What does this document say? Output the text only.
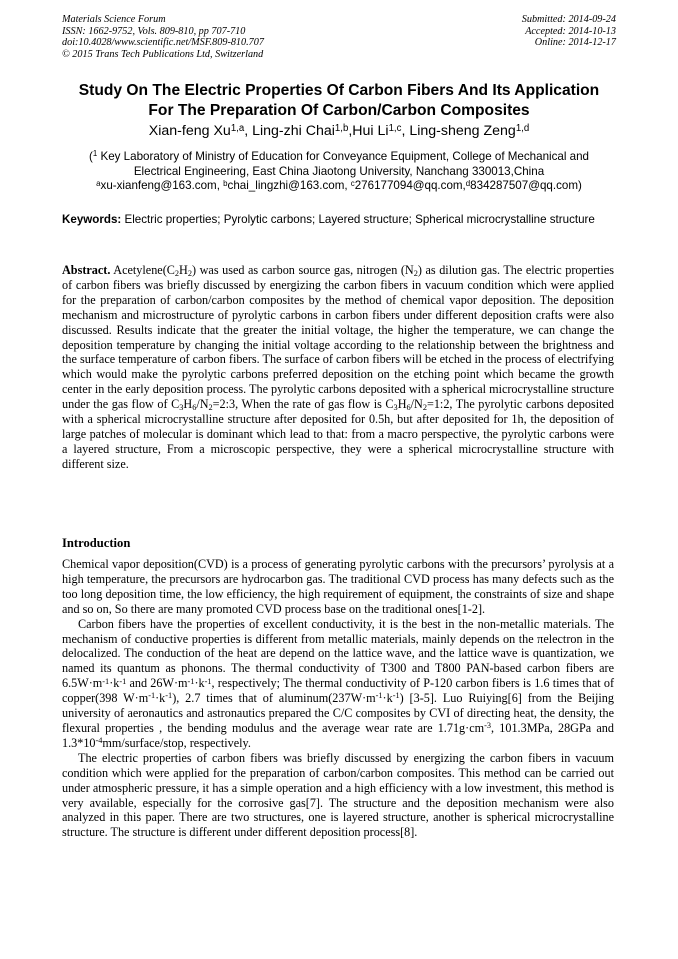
Materials Science Forum
ISSN: 1662-9752, Vols. 809-810, pp 707-710
doi:10.4028/www.scientific.net/MSF.809-810.707
© 2015 Trans Tech Publications Ltd, Switzerland
Submitted: 2014-09-24
Accepted: 2014-10-13
Online: 2014-12-17
Study On The Electric Properties Of Carbon Fibers And Its Application
For The Preparation Of Carbon/Carbon Composites
Xian-feng Xu$^{1,a}$, Ling-zhi Chai$^{1,b}$,Hui Li$^{1,c}$, Ling-sheng Zeng$^{1,d}$
($^1$ Key Laboratory of Ministry of Education for Conveyance Equipment, College of Mechanical and
Electrical Engineering, East China Jiaotong University, Nanchang 330013,China
$^a$xu-xianfeng@163.com, $^b$chai_lingzhi@163.com, $^c$276177094@qq.com,$^d$834287507@qq.com)
Keywords: Electric properties; Pyrolytic carbons; Layered structure; Spherical microcrystalline structure
Abstract. $Acetylene(C_2H_2)$ was used as carbon source gas, nitrogen $(N_2)$ as dilution gas. The electric properties of carbon fibers was briefly discussed by energizing the carbon fibers in vacuum condition which were applied for the preparation of carbon/carbon composites by the method of chemical vapor deposition. The deposition mechanism and microstructure of pyrolytic carbons in carbon fibers under different deposition crafts were also discussed. Results indicate that the greater the initial voltage, the higher the temperature, we can change the deposition temperature by changing the initial voltage according to the relationship between the brightness and the surface temperature of carbon fibers. The surface of carbon fibers will be etched in the process of electrifying which would make the pyrolytic carbons preferred deposition on the etching point which became the growth center in the early deposition process. The pyrolytic carbons deposited with a spherical microcrystalline structure under the gas flow of $C_3H_6/N_2=2:3$, When the rate of gas flow is $C_3H_6/N_2=1:2$, The pyrolytic carbons deposited with a spherical microcrystalline structure after deposited for 0.5h, but after deposited for 1h, the deposition of large patches of molecular is dominant which lead to that: from a macro perspective, the pyrolytic carbons were a layered structure, From a microscopic perspective, they were a spherical microcrystalline structure with different size.
Introduction

Chemical vapor deposition(CVD) is a process of generating pyrolytic carbons with the precursors’ pyrolysis at a high temperature, the precursors are hydrocarbon gas. The traditional CVD process has many defects such as the too long deposition time, the low efficiency, the high requirement of equipment, the constraints of size and shape and so on, So there are many promoted CVD process base on the traditional ones[1-2].

Carbon fibers have the properties of excellent conductivity, it is the best in the non-metallic materials. The mechanism of conductive properties is different from metallic materials, mainly depends on the πelectron in the delocalized. The conduction of the heat are depend on the lattice wave, and the lattice wave is quantization, we named its quantum as phonons. The thermal conductivity of T300 and T800 PAN-based carbon fibers are $6.5W\cdot m^{-1}\cdot k^{-1}$ and $26W\cdot m^{-1}\cdot k^{-1}$, respectively; The thermal conductivity of P-120 carbon fibers is 1.6 times that of copper(398 $W\cdot m^{-1}\cdot k^{-1}$), 2.7 times that of $aluminum(237W\cdot m^{-1}\cdot k^{-1})$ [3-5]. Luo Ruiying[6] from the Beijing university of aeronautics and astronautics prepared the C/C composites by CVI of directing heat, the density, the flexural properties , the bending modulus and the average wear rate are $1.71g\cdot cm^{-3}$, 101.3MPa, 28GPa and $1.3*10^{-4}mm/surface$/stop, respectively.

The electric properties of carbon fibers was briefly discussed by energizing the carbon fibers in vacuum condition which were applied for the preparation of carbon/carbon composites. This method can be carried out under atmospheric pressure, it has a simple operation and a high efficiency with a low investment, this method is very available, especially for the corrosive gas[7]. The structure and the deposition mechanism were also analyzed in this paper. There are two structures, one is layered structure, another is spherical microcrystalline structure. The structure is different under different deposition process[8].
